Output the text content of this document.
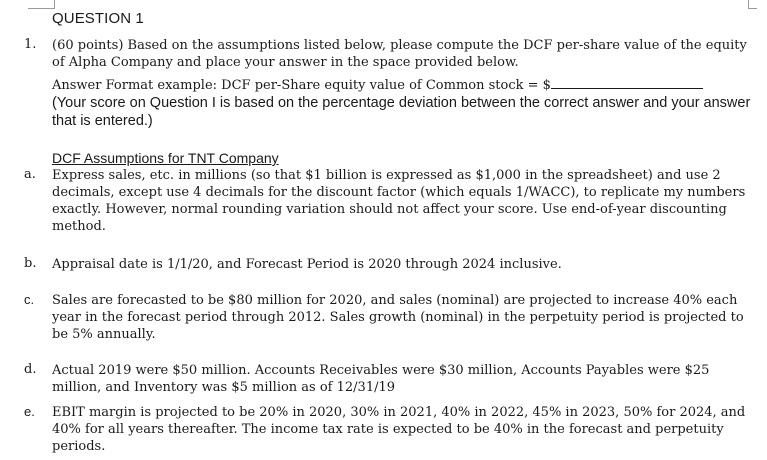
QUESTION 1
1. (60 points) Based on the assumptions listed below, please compute the DCF per-share value of the equity of Alpha Company and place your answer in the space provided below.
Answer Format example: DCF per-Share equity value of Common stock = $
(Your score on Question I is based on the percentage deviation between the correct answer and your answer that is entered.)
DCF Assumptions for TNT Company
a. Express sales, etc. in millions (so that $1 billion is expressed as $1,000 in the spreadsheet) and use 2 decimals, except use 4 decimals for the discount factor (which equals 1/WACC), to replicate my numbers exactly. However, normal rounding variation should not affect your score. Use end-of-year discounting method.
b. Appraisal date is 1/1/20, and Forecast Period is 2020 through 2024 inclusive.
c. Sales are forecasted to be $80 million for 2020, and sales (nominal) are projected to increase 40% each year in the forecast period through 2012. Sales growth (nominal) in the perpetuity period is projected to be 5% annually.
d. Actual 2019 were $50 million. Accounts Receivables were $30 million, Accounts Payables were $25 million, and Inventory was $5 million as of 12/31/19
e. EBIT margin is projected to be 20% in 2020, 30% in 2021, 40% in 2022, 45% in 2023, 50% for 2024, and 40% for all years thereafter. The income tax rate is expected to be 40% in the forecast and perpetuity periods.
